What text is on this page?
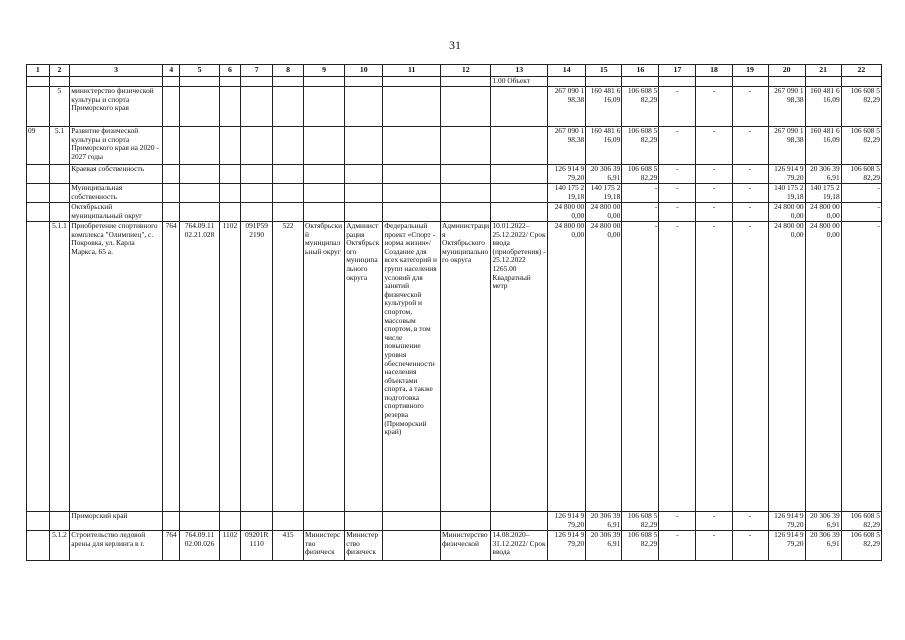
31
1	2	3	4	5	6	7	8	9	10	11	12	13	14	15	16	17	18	19	20	21	22
												1.00 Объект									
	5	министерство физической культуры и спорта Приморского края											267 090 1 98,38	160 481 6 16,09	106 608 5 82,29	-	-	-	267 090 1 98,38	160 481 6 16,09	106 608 5 82,29
09	5.1	Развитие физической культуры и спорта Приморского края на 2020 - 2027 годы											267 090 1 98,38	160 481 6 16,09	106 608 5 82,29	-	-	-	267 090 1 98,38	160 481 6 16,09	106 608 5 82,29
		Краевая собственность											126 914 9 79,20	20 306 39 6,91	106 608 5 82,29	-	-	-	126 914 9 79,20	20 306 39 6,91	106 608 5 82,29
		Муниципальная собственность											140 175 2 19,18	140 175 2 19,18	-	-	-	-	140 175 2 19,18	140 175 2 19,18	-
		Октябрьский муниципальный округ											24 800 00 0,00	24 800 00 0,00	-	-	-	-	24 800 00 0,00	24 800 00 0,00	-
	5.1.1	Приобретение спортивного комплекса "Олимпиец", с. Покровка, ул. Карла Маркса, 65 а.	764	764.09.11 02.21.028	1102	091P59 2190	522	Октябрьский муниципальный округ	Администрация Октябрьского муниципального округа	Федеральный проект «Спорт - норма жизни»/Создание для всех категорий и групп населения условий для занятий физической культурой и спортом, массовым спортом, в том числе повышение уровня обеспеченности населения объектами спорта, а также подготовка спортивного резерва (Приморский край)	Администрация Октябрьского муниципального округа	10.01.2022–25.12.2022/ Срок ввода (приобретения) - 25.12.2022 1265.00 Квадратный метр	24 800 00 0,00	24 800 00 0,00	-	-	-	-	24 800 00 0,00	24 800 00 0,00	-
		Приморский край											126 914 9 79,20	20 306 39 6,91	106 608 5 82,29	-	-	-	126 914 9 79,20	20 306 39 6,91	106 608 5 82,29
	5.1.2	Строительство ледовой арены для керлинга в г.	764	764.09.11 02.00.026	1102	09201R 1110	415	Министерство физическ	Министерство физическ		Министерство физической	14.08.2020–31.12.2022/ Срок ввода	126 914 9 79,20	20 306 39 6,91	106 608 5 82,29	-	-	-	126 914 9 79,20	20 306 39 6,91	106 608 5 82,29
